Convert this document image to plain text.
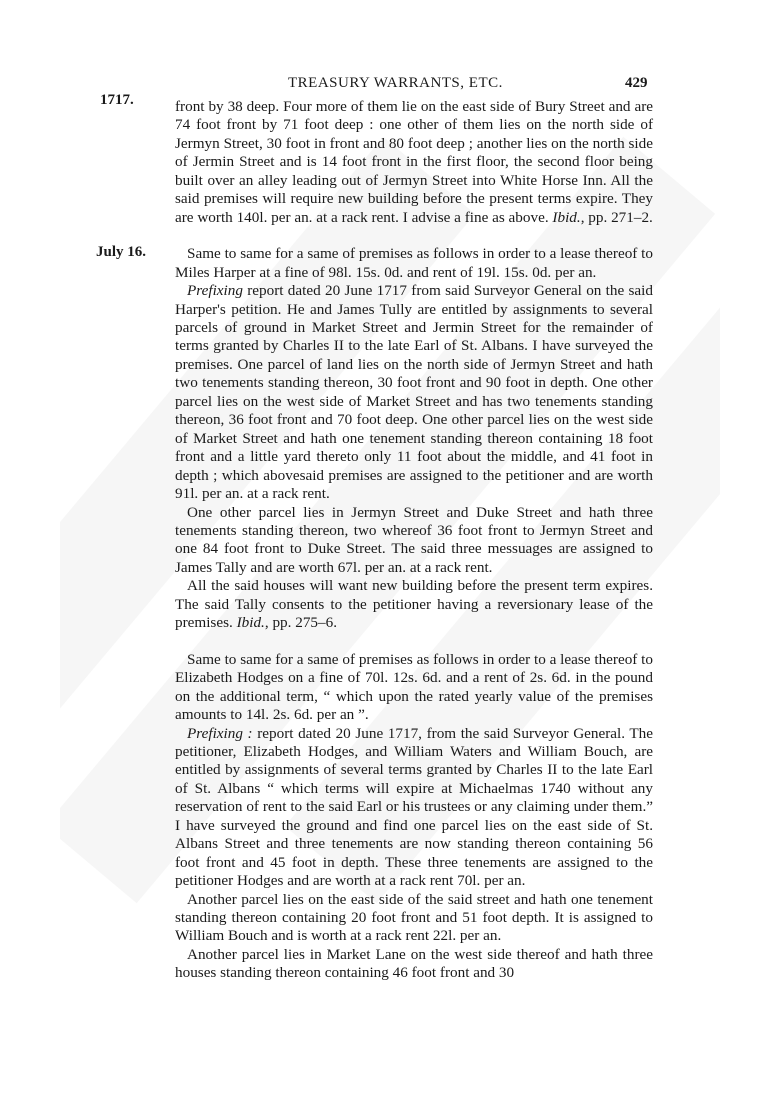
TREASURY WARRANTS, ETC.	429
1717.
July 16.

front by 38 deep. Four more of them lie on the east side of Bury Street and are 74 foot front by 71 foot deep : one other of them lies on the north side of Jermyn Street, 30 foot in front and 80 foot deep ; another lies on the north side of Jermin Street and is 14 foot front in the first floor, the second floor being built over an alley leading out of Jermyn Street into White Horse Inn. All the said premises will require new building before the present terms expire. They are worth 140l. per an. at a rack rent. I advise a fine as above. Ibid., pp. 271–2.

Same to same for a same of premises as follows in order to a lease thereof to Miles Harper at a fine of 98l. 15s. 0d. and rent of 19l. 15s. 0d. per an.

Prefixing report dated 20 June 1717 from said Surveyor General on the said Harper's petition. He and James Tully are entitled by assignments to several parcels of ground in Market Street and Jermin Street for the remainder of terms granted by Charles II to the late Earl of St. Albans. I have surveyed the premises. One parcel of land lies on the north side of Jermyn Street and hath two tenements standing thereon, 30 foot front and 90 foot in depth. One other parcel lies on the west side of Market Street and has two tenements standing thereon, 36 foot front and 70 foot deep. One other parcel lies on the west side of Market Street and hath one tenement standing thereon containing 18 foot front and a little yard thereto only 11 foot about the middle, and 41 foot in depth ; which abovesaid premises are assigned to the petitioner and are worth 91l. per an. at a rack rent.

One other parcel lies in Jermyn Street and Duke Street and hath three tenements standing thereon, two whereof 36 foot front to Jermyn Street and one 84 foot front to Duke Street. The said three messuages are assigned to James Tally and are worth 67l. per an. at a rack rent.

All the said houses will want new building before the present term expires. The said Tally consents to the petitioner having a reversionary lease of the premises. Ibid., pp. 275–6.

Same to same for a same of premises as follows in order to a lease thereof to Elizabeth Hodges on a fine of 70l. 12s. 6d. and a rent of 2s. 6d. in the pound on the additional term, “ which upon the rated yearly value of the premises amounts to 14l. 2s. 6d. per an ”.

Prefixing : report dated 20 June 1717, from the said Surveyor General. The petitioner, Elizabeth Hodges, and William Waters and William Bouch, are entitled by assignments of several terms granted by Charles II to the late Earl of St. Albans “ which terms will expire at Michaelmas 1740 without any reservation of rent to the said Earl or his trustees or any claiming under them.” I have surveyed the ground and find one parcel lies on the east side of St. Albans Street and three tenements are now standing thereon containing 56 foot front and 45 foot in depth. These three tenements are assigned to the petitioner Hodges and are worth at a rack rent 70l. per an.

Another parcel lies on the east side of the said street and hath one tenement standing thereon containing 20 foot front and 51 foot depth. It is assigned to William Bouch and is worth at a rack rent 22l. per an.

Another parcel lies in Market Lane on the west side thereof and hath three houses standing thereon containing 46 foot front and 30
